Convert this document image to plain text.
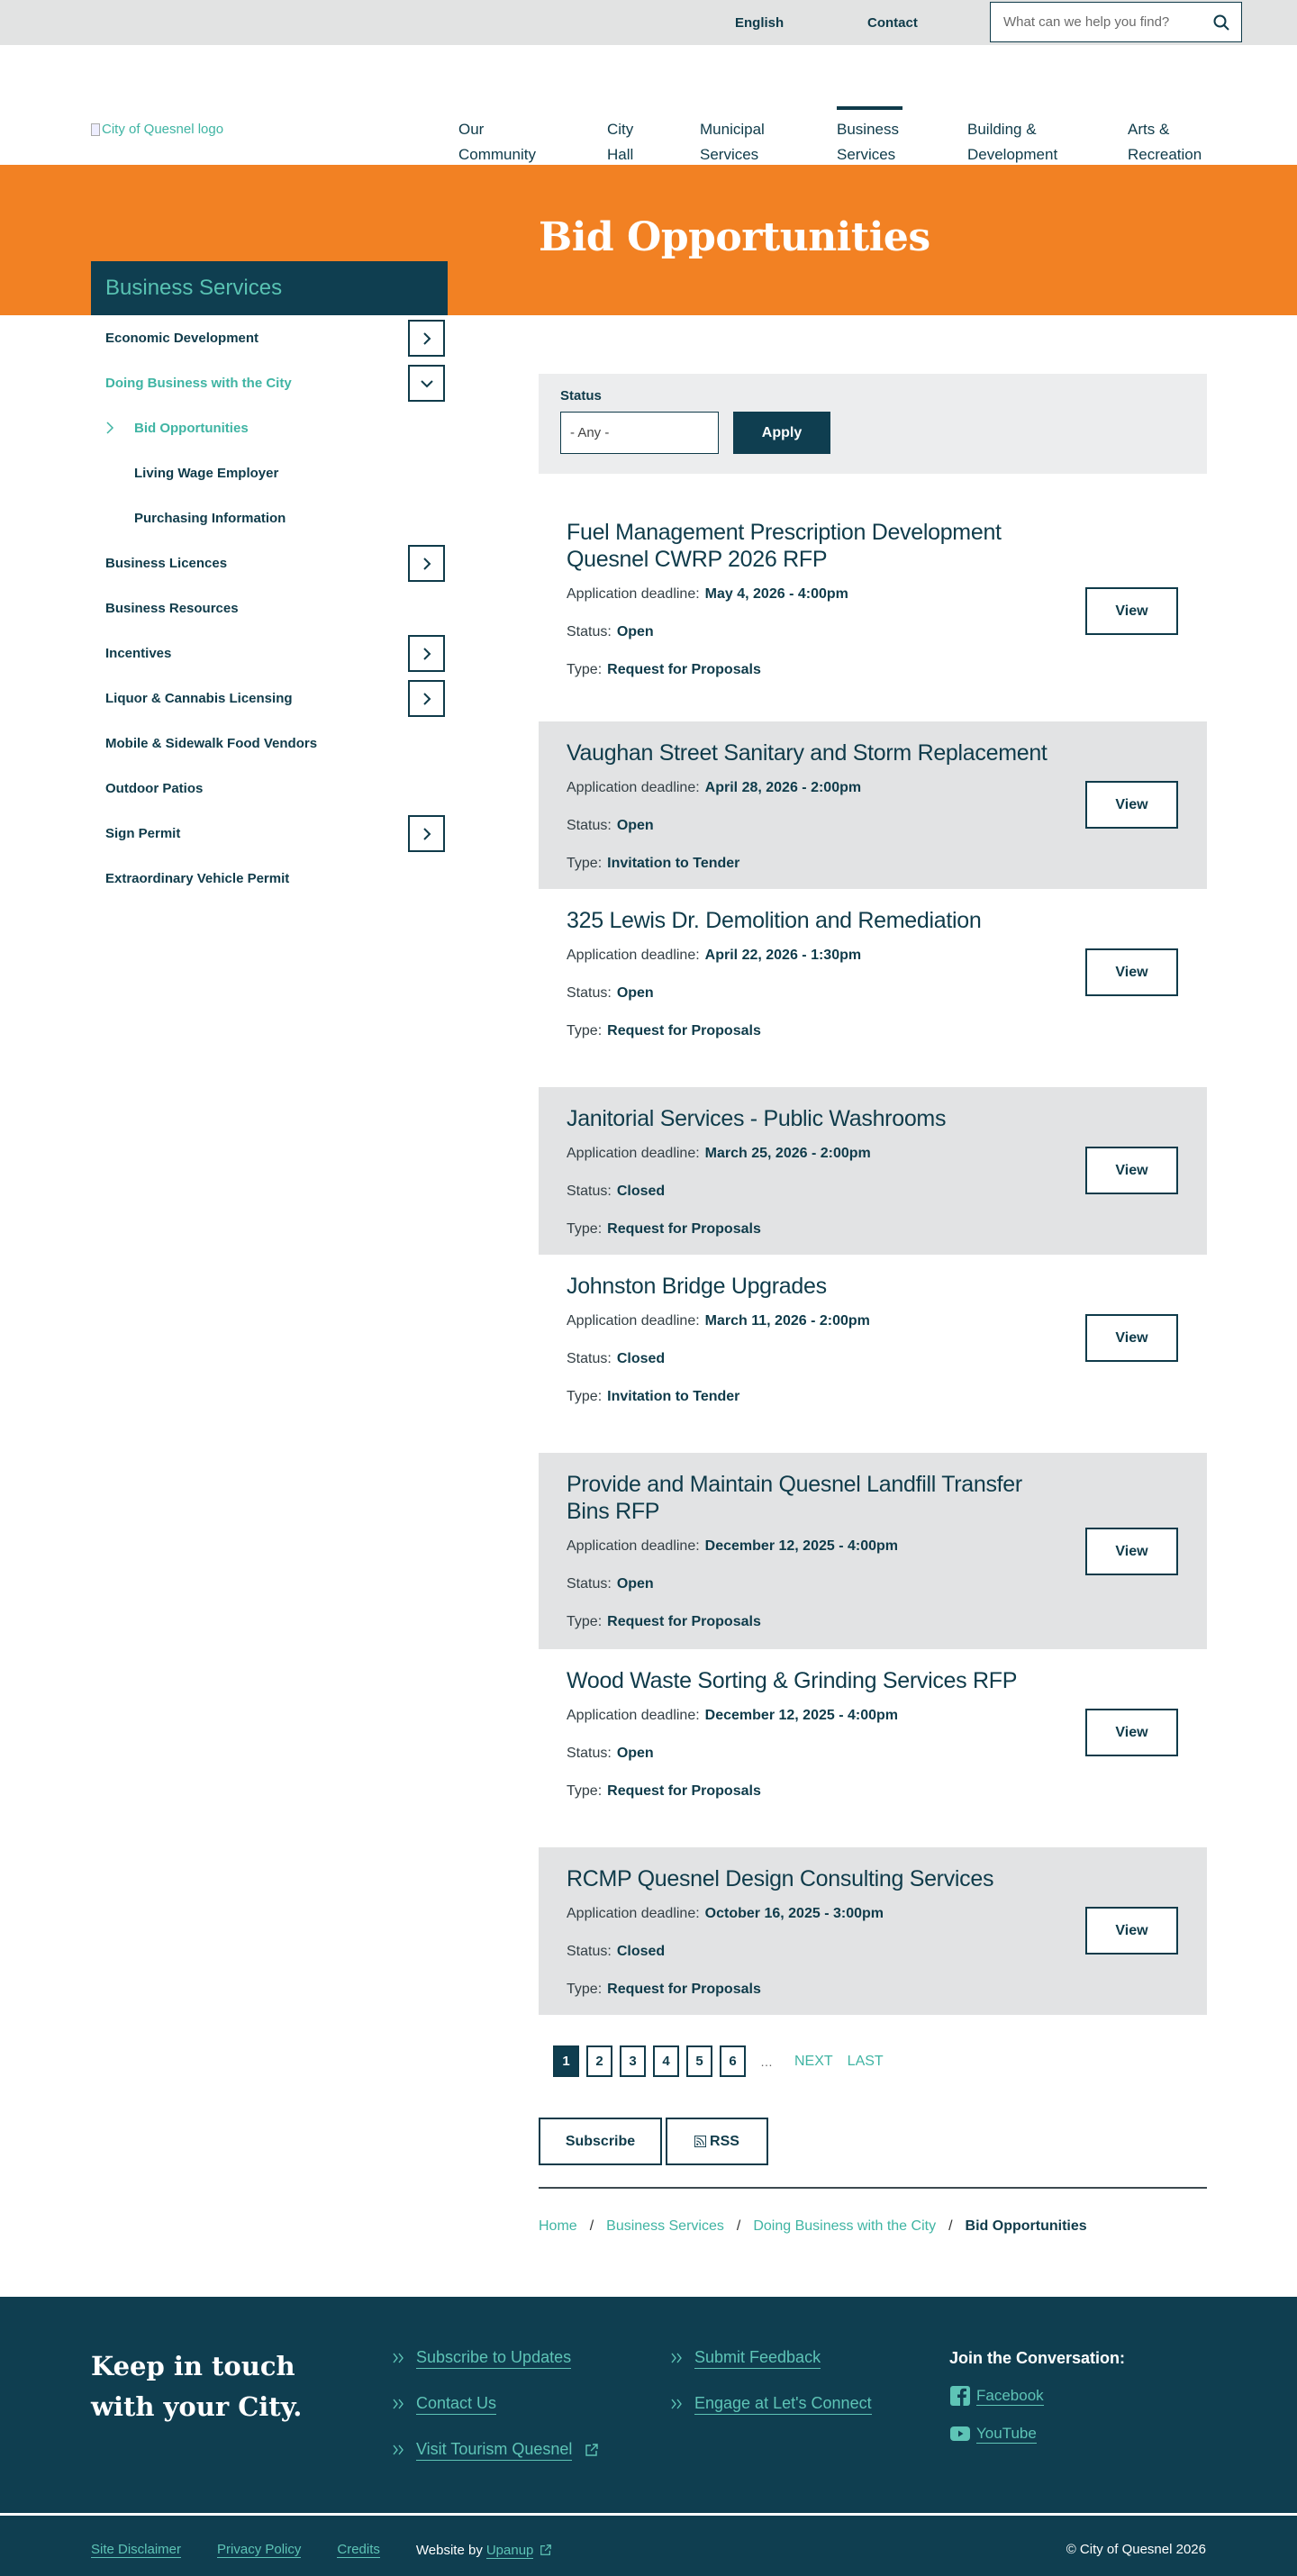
English	Contact
What can we help you find?
City of Quesnel logo	Our
Community
City
Hall
Municipal
Services
Business
Services
Building &
Development
Arts &
Recreation
Bid Opportunities
Business Services
Economic Development
Doing Business with the City
Bid Opportunities
Living Wage Employer
Purchasing Information
Business Licences
Business Resources
Incentives
Liquor & Cannabis Licensing
Mobile & Sidewalk Food Vendors
Outdoor Patios
Sign Permit
Extraordinary Vehicle Permit
Status
- Any -	Apply
Fuel Management Prescription Development Quesnel CWRP 2026 RFP
Application deadline: May 4, 2026 - 4:00pm
Status: Open
Type: Request for Proposals
View
Vaughan Street Sanitary and Storm Replacement
Application deadline: April 28, 2026 - 2:00pm
Status: Open
Type: Invitation to Tender
View
325 Lewis Dr. Demolition and Remediation
Application deadline: April 22, 2026 - 1:30pm
Status: Open
Type: Request for Proposals
View
Janitorial Services - Public Washrooms
Application deadline: March 25, 2026 - 2:00pm
Status: Closed
Type: Request for Proposals
View
Johnston Bridge Upgrades
Application deadline: March 11, 2026 - 2:00pm
Status: Closed
Type: Invitation to Tender
View
Provide and Maintain Quesnel Landfill Transfer Bins RFP
Application deadline: December 12, 2025 - 4:00pm
Status: Open
Type: Request for Proposals
View
Wood Waste Sorting & Grinding Services RFP
Application deadline: December 12, 2025 - 4:00pm
Status: Open
Type: Request for Proposals
View
RCMP Quesnel Design Consulting Services
Application deadline: October 16, 2025 - 3:00pm
Status: Closed
Type: Request for Proposals
View
1	2	3	4	5	6	…	NEXT LAST
Subscribe	RSS
Home / Business Services / Doing Business with the City / Bid Opportunities
Keep in touch with your City.
Subscribe to Updates
Contact Us
Visit Tourism Quesnel
Submit Feedback
Engage at Let's Connect
Join the Conversation:
Facebook
YouTube
Site Disclaimer	Privacy Policy	Credits	Website by Upanup	© City of Quesnel 2026
